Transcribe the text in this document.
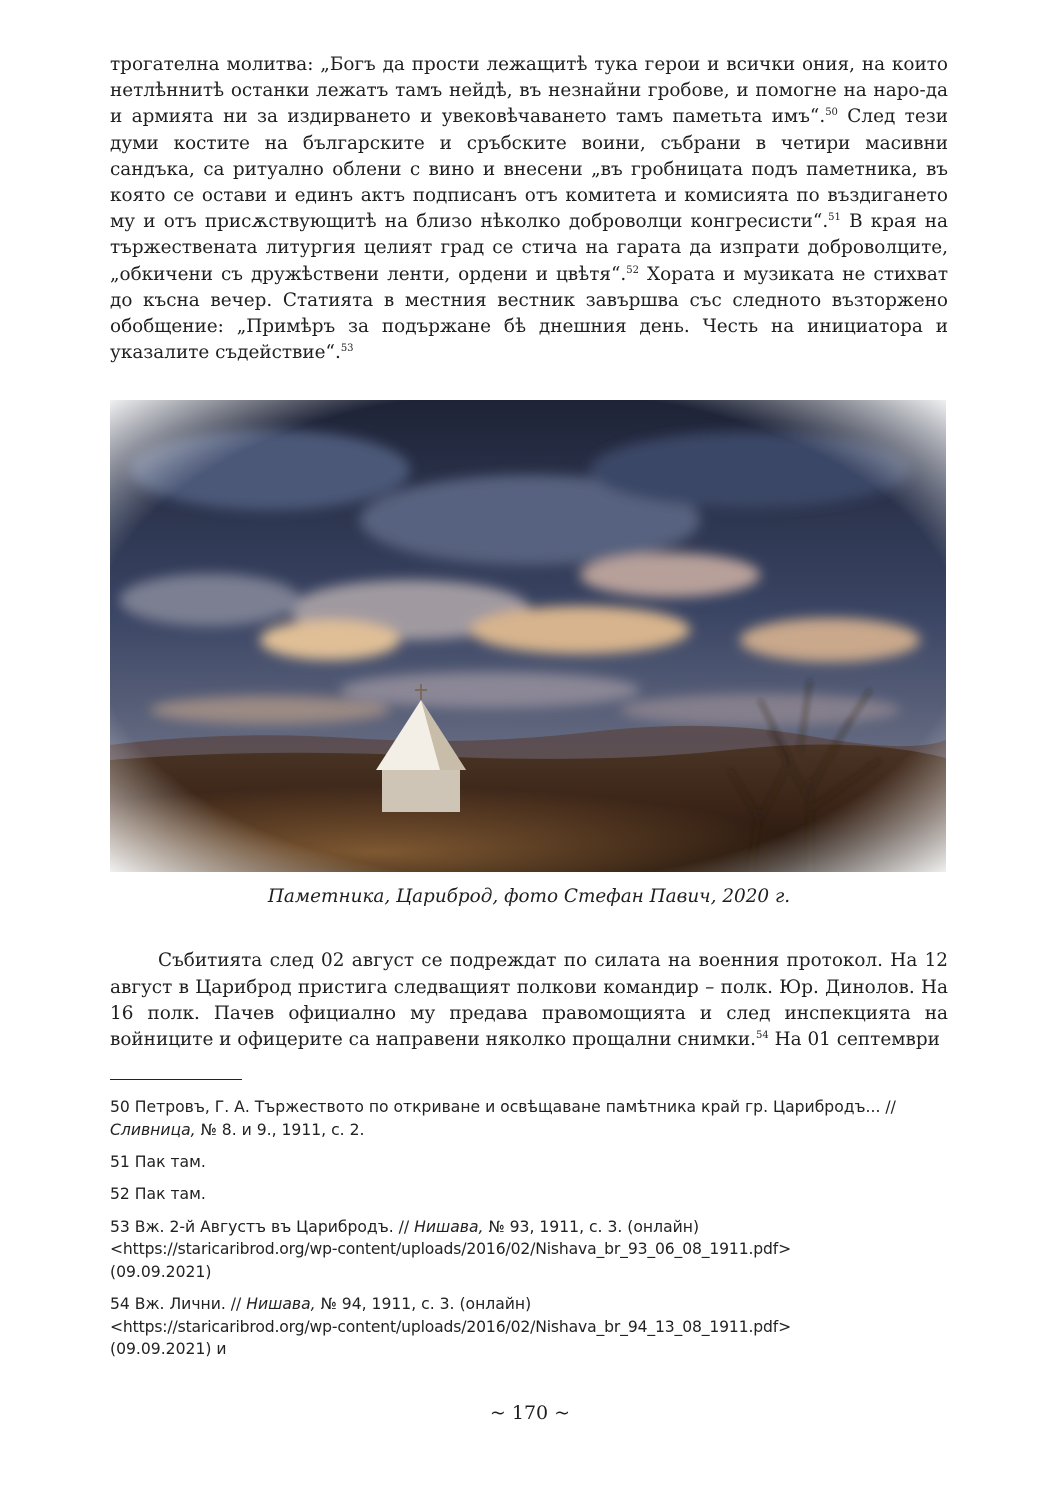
трогателна молитва: „Богъ да прости лежащитѣ тука герои и всички ония, на които нетлѣннитѣ останки лежатъ тамъ нейдѣ, въ незнайни гробове, и помогне на наро-да и армията ни за издирването и увековѣчаването тамъ паметьта имъ“.$^{50}$ След тези думи костите на българските и сръбските воини, събрани в четири масивни сандъка, са ритуално облени с вино и внесени „въ гробницата подъ паметника, въ която се остави и единъ актъ подписанъ отъ комитета и комисията по въздигането му и отъ присѫствующитѣ на близо нѣколко доброволци конгресисти“.$^{51}$ В края на тържествената литургия целият град се стича на гарата да изпрати доброволците, „обкичени съ дружѣствени ленти, ордени и цвѣтя“.$^{52}$ Хората и музиката не стихват до късна вечер. Статията в местния вестник завършва със следното възторжено обобщение: „Примѣръ за подържане бѣ днешния день. Честь на инициатора и указалите съдействие“.$^{53}$

Паметника, Цариброд, фото Стефан Павич, 2020 г.

Събитията след 02 август се подреждат по силата на военния протокол. На 12 август в Цариброд пристига следващият полкови командир – полк. Юр. Динолов. На 16 полк. Пачев официално му предава правомощията и след инспекцията на войниците и офицерите са направени няколко прощални снимки.$^{54}$ На 01 септември

50 Петровъ, Г. А. Тържеството по откриване и освѣщаване памѣтника край гр. Царибродъ... // Сливница, № 8. и 9., 1911, с. 2.

51 Пак там.

52 Пак там.

53 Вж. 2-й Августъ въ Царибродъ. // Нишава, № 93, 1911, с. 3. (онлайн)
<https://staricaribrod.org/wp-content/uploads/2016/02/Nishava_br_93_06_08_1911.pdf>
(09.09.2021)

54 Вж. Лични. // Нишава, № 94, 1911, с. 3. (онлайн)
<https://staricaribrod.org/wp-content/uploads/2016/02/Nishava_br_94_13_08_1911.pdf>
(09.09.2021) и

~ 170 ~
